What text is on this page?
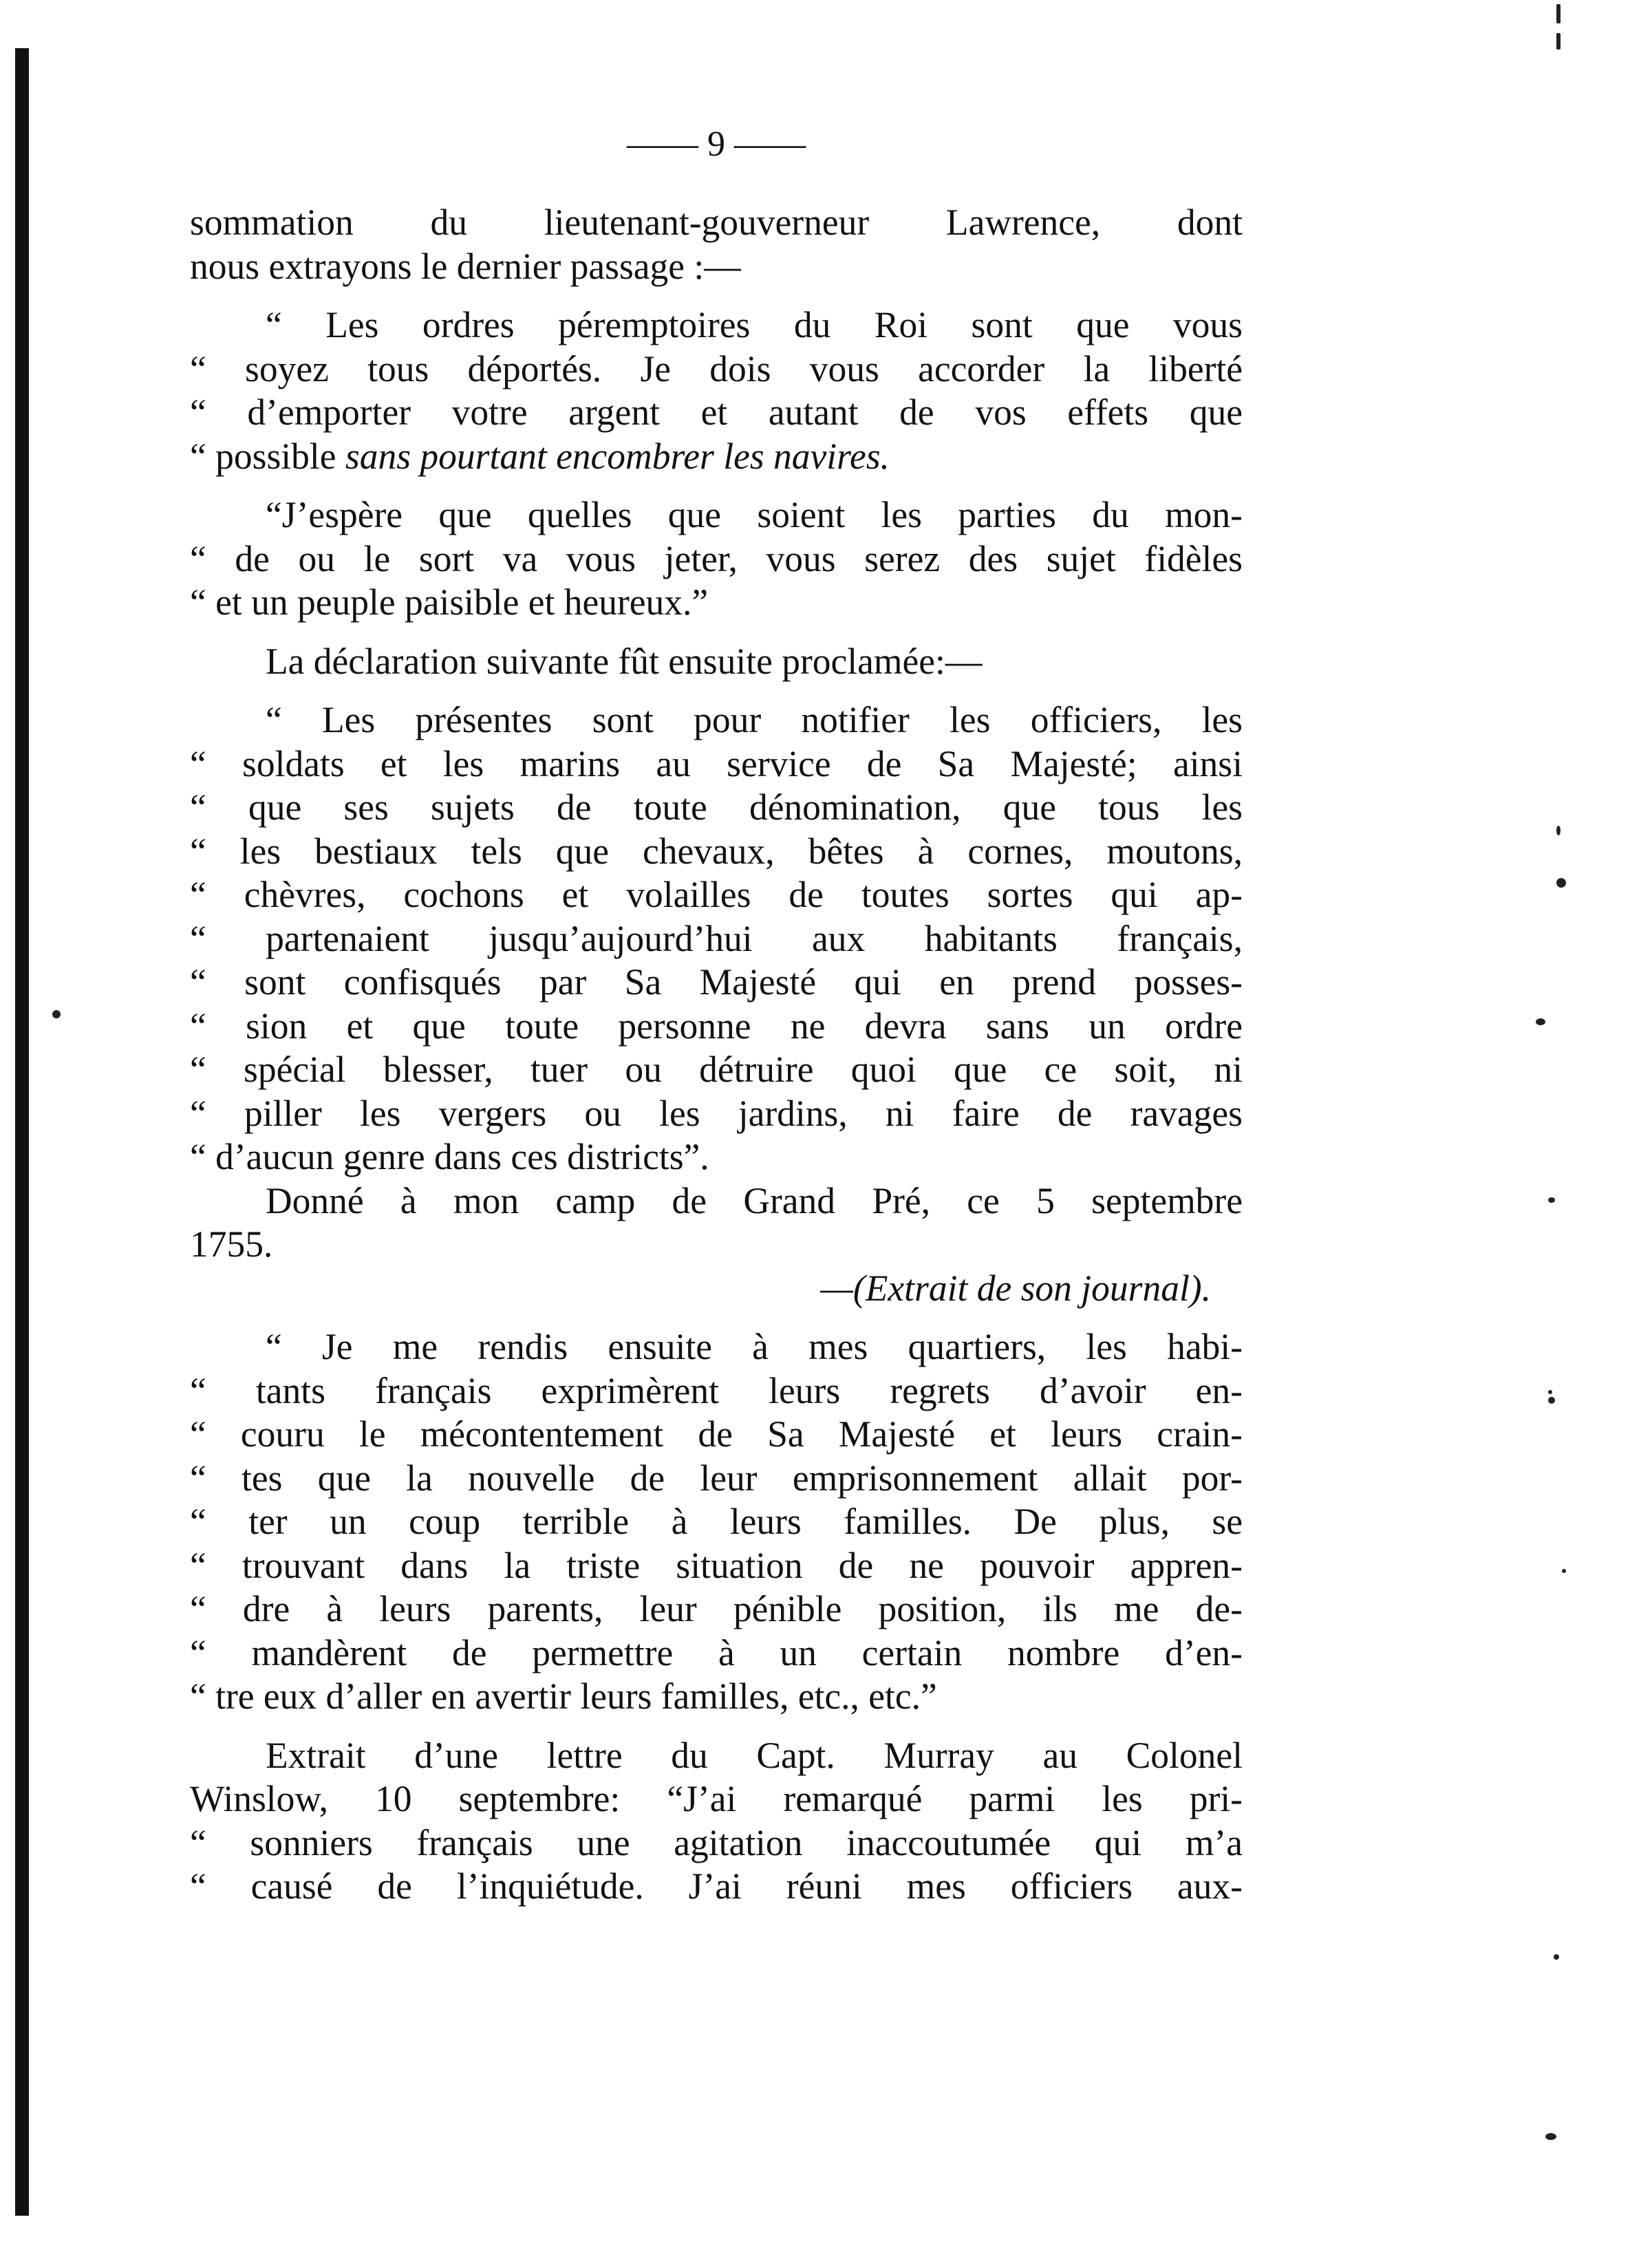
—— 9 ——

sommation du lieutenant-gouverneur Lawrence, dont
nous extrayons le dernier passage :—

“ Les ordres péremptoires du Roi sont que vous
“ soyez tous déportés. Je dois vous accorder la liberté
“ d’emporter votre argent et autant de vos effets que
“ possible sans pourtant encombrer les navires.

“J’espère que quelles que soient les parties du mon-
“ de ou le sort va vous jeter, vous serez des sujet fidèles
“ et un peuple paisible et heureux.”

La déclaration suivante fût ensuite proclamée:—

“ Les présentes sont pour notifier les officiers, les
“ soldats et les marins au service de Sa Majesté; ainsi
“ que ses sujets de toute dénomination, que tous les
“ les bestiaux tels que chevaux, bêtes à cornes, moutons,
“ chèvres, cochons et volailles de toutes sortes qui ap-
“ partenaient jusqu’aujourd’hui aux habitants français,
“ sont confisqués par Sa Majesté qui en prend posses-
“ sion et que toute personne ne devra sans un ordre
“ spécial blesser, tuer ou détruire quoi que ce soit, ni
“ piller les vergers ou les jardins, ni faire de ravages
“ d’aucun genre dans ces districts”.

Donné à mon camp de Grand Pré, ce 5 septembre
1755.

—(Extrait de son journal).

“ Je me rendis ensuite à mes quartiers, les habi-
“ tants français exprimèrent leurs regrets d’avoir en-
“ couru le mécontentement de Sa Majesté et leurs crain-
“ tes que la nouvelle de leur emprisonnement allait por-
“ ter un coup terrible à leurs familles. De plus, se
“ trouvant dans la triste situation de ne pouvoir appren-
“ dre à leurs parents, leur pénible position, ils me de-
“ mandèrent de permettre à un certain nombre d’en-
“ tre eux d’aller en avertir leurs familles, etc., etc.”

Extrait d’une lettre du Capt. Murray au Colonel
Winslow, 10 septembre: “J’ai remarqué parmi les pri-
“ sonniers français une agitation inaccoutumée qui m’a
“ causé de l’inquiétude. J’ai réuni mes officiers aux-
